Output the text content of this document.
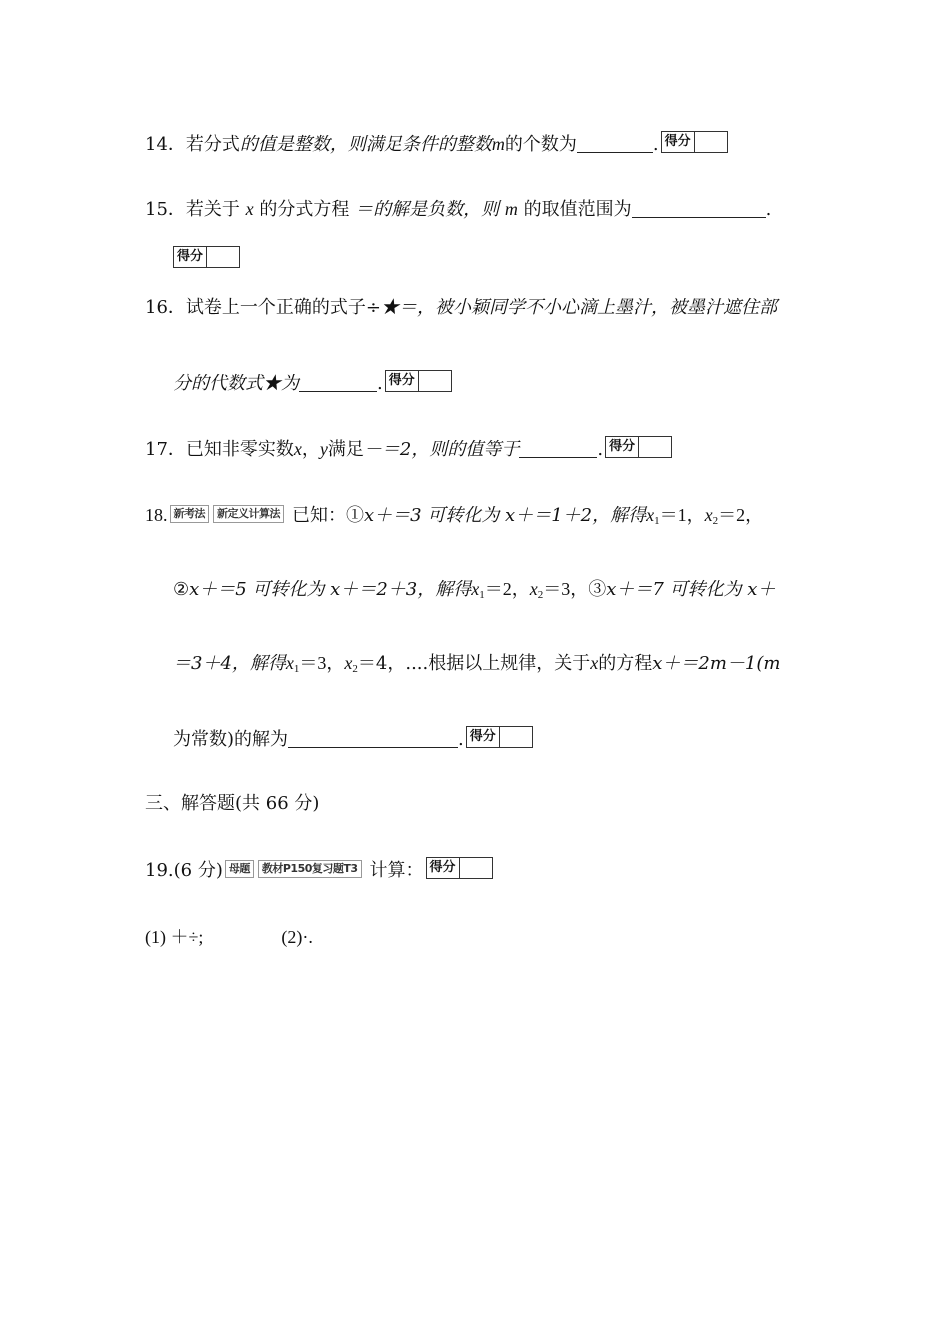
14．若分式的值是整数，则满足条件的整数m的个数为	. 得分
15．若关于 x 的分式方程 ＝的解是负数，则 m 的取值范围为	.
得分
16．试卷上一个正确的式子÷★＝，被小颖同学不小心滴上墨汁，被墨汁遮住部
分的代数式★为	. 得分
17．已知非零实数x，y满足－＝2，则的值等于	. 得分
18. 新考法 新定义计算法 已知：①x＋＝3 可转化为 x＋＝1＋2，解得$x_1=1$，$x_2=2$，
②x＋＝5 可转化为 x＋＝2＋3，解得$x_1=2$，$x_2=3$，③x＋＝7 可转化为 x＋
＝3＋4，解得$x_1=3$，$x_2=4$，....根据以上规律，关于x的方程x＋＝2m－1(m
为常数)的解为	. 得分
三、解答题(共 66 分)
19.(6 分) 母题 教材P150复习题T3 计算： 得分
(1) ＋÷;	(2)·.
